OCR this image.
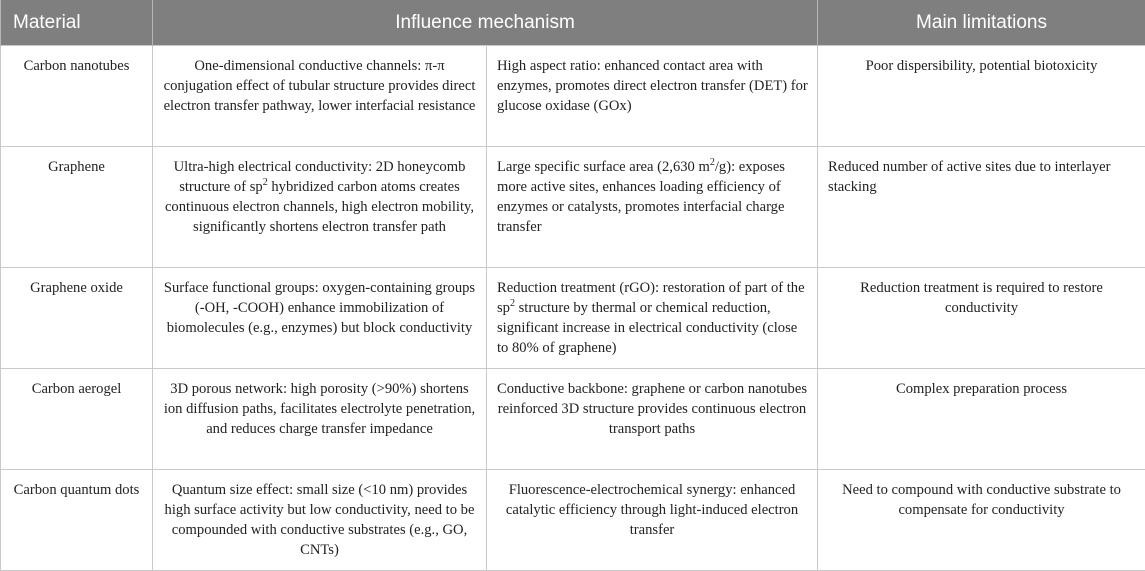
Material	Influence mechanism		Main limitations
Carbon nanotubes	One-dimensional conductive channels: π-π conjugation effect of tubular structure provides direct electron transfer pathway, lower interfacial resistance	High aspect ratio: enhanced contact area with enzymes, promotes direct electron transfer (DET) for glucose oxidase (GOx)	Poor dispersibility, potential biotoxicity
Graphene	Ultra-high electrical conductivity: 2D honeycomb structure of $sp^2$ hybridized carbon atoms creates continuous electron channels, high electron mobility, significantly shortens electron transfer path	Large specific surface area (2,630 $m^2/g$): exposes more active sites, enhances loading efficiency of enzymes or catalysts, promotes interfacial charge transfer	Reduced number of active sites due to interlayer stacking
Graphene oxide	Surface functional groups: oxygen-containing groups (-OH, -COOH) enhance immobilization of biomolecules (e.g., enzymes) but block conductivity	Reduction treatment (rGO): restoration of part of the $sp^2$ structure by thermal or chemical reduction, significant increase in electrical conductivity (close to 80% of graphene)	Reduction treatment is required to restore conductivity
Carbon aerogel	3D porous network: high porosity (>90%) shortens ion diffusion paths, facilitates electrolyte penetration, and reduces charge transfer impedance	Conductive backbone: graphene or carbon nanotubes reinforced 3D structure provides continuous electron transport paths	Complex preparation process
Carbon quantum dots	Quantum size effect: small size (<10 nm) provides high surface activity but low conductivity, need to be compounded with conductive substrates (e.g., GO, CNTs)	Fluorescence-electrochemical synergy: enhanced catalytic efficiency through light-induced electron transfer	Need to compound with conductive substrate to compensate for conductivity
